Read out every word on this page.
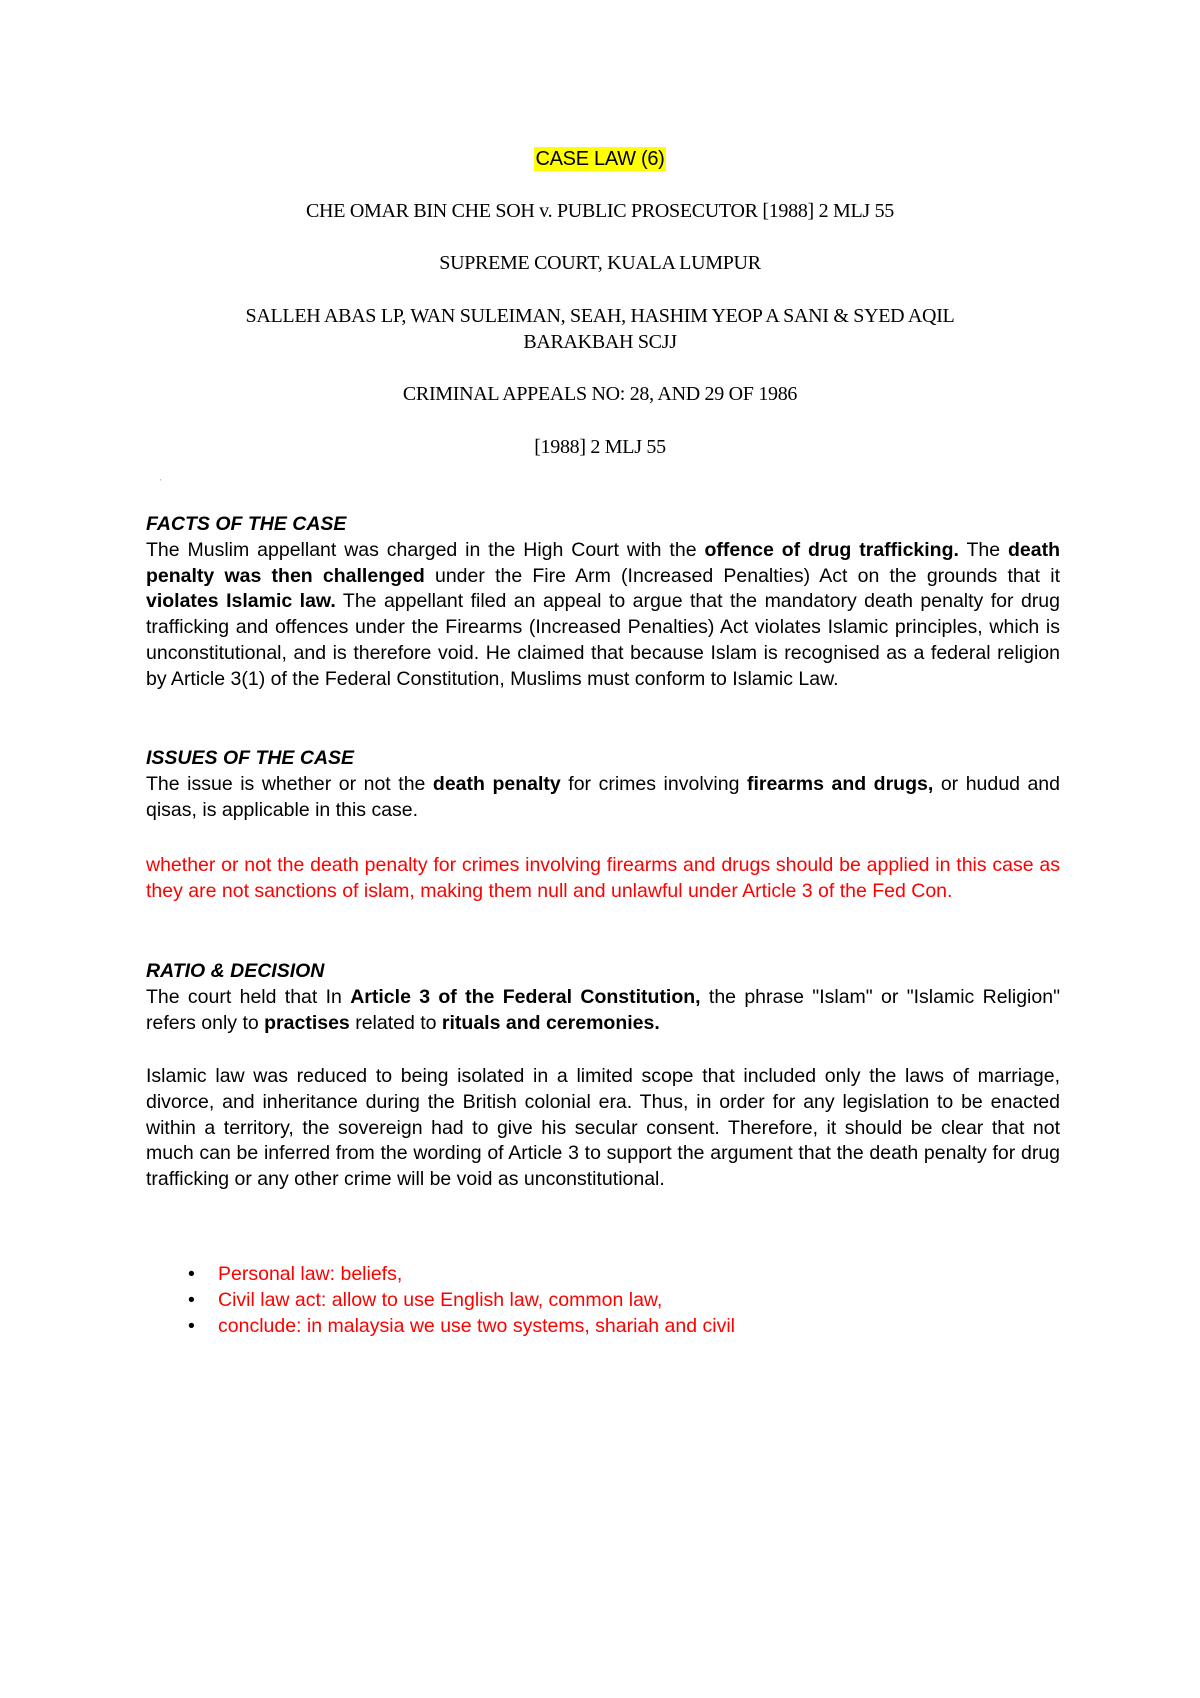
CASE LAW (6)
CHE OMAR BIN CHE SOH v. PUBLIC PROSECUTOR [1988] 2 MLJ 55
SUPREME COURT, KUALA LUMPUR
SALLEH ABAS LP, WAN SULEIMAN, SEAH, HASHIM YEOP A SANI & SYED AQIL
BARAKBAH SCJJ
CRIMINAL APPEALS NO: 28, AND 29 OF 1986
[1988] 2 MLJ 55
'
FACTS OF THE CASE
The Muslim appellant was charged in the High Court with the offence of drug trafficking. The death penalty was then challenged under the Fire Arm (Increased Penalties) Act on the grounds that it violates Islamic law. The appellant filed an appeal to argue that the mandatory death penalty for drug trafficking and offences under the Firearms (Increased Penalties) Act violates Islamic principles, which is unconstitutional, and is therefore void. He claimed that because Islam is recognised as a federal religion by Article 3(1) of the Federal Constitution, Muslims must conform to Islamic Law.
ISSUES OF THE CASE
The issue is whether or not the death penalty for crimes involving firearms and drugs, or hudud and qisas, is applicable in this case.
whether or not the death penalty for crimes involving firearms and drugs should be applied in this case as they are not sanctions of islam, making them null and unlawful under Article 3 of the Fed Con.
RATIO & DECISION
The court held that In Article 3 of the Federal Constitution, the phrase "Islam" or "Islamic Religion" refers only to practises related to rituals and ceremonies.
Islamic law was reduced to being isolated in a limited scope that included only the laws of marriage, divorce, and inheritance during the British colonial era. Thus, in order for any legislation to be enacted within a territory, the sovereign had to give his secular consent. Therefore, it should be clear that not much can be inferred from the wording of Article 3 to support the argument that the death penalty for drug trafficking or any other crime will be void as unconstitutional.
• Personal law: beliefs,
• Civil law act: allow to use English law, common law,
• conclude: in malaysia we use two systems, shariah and civil
